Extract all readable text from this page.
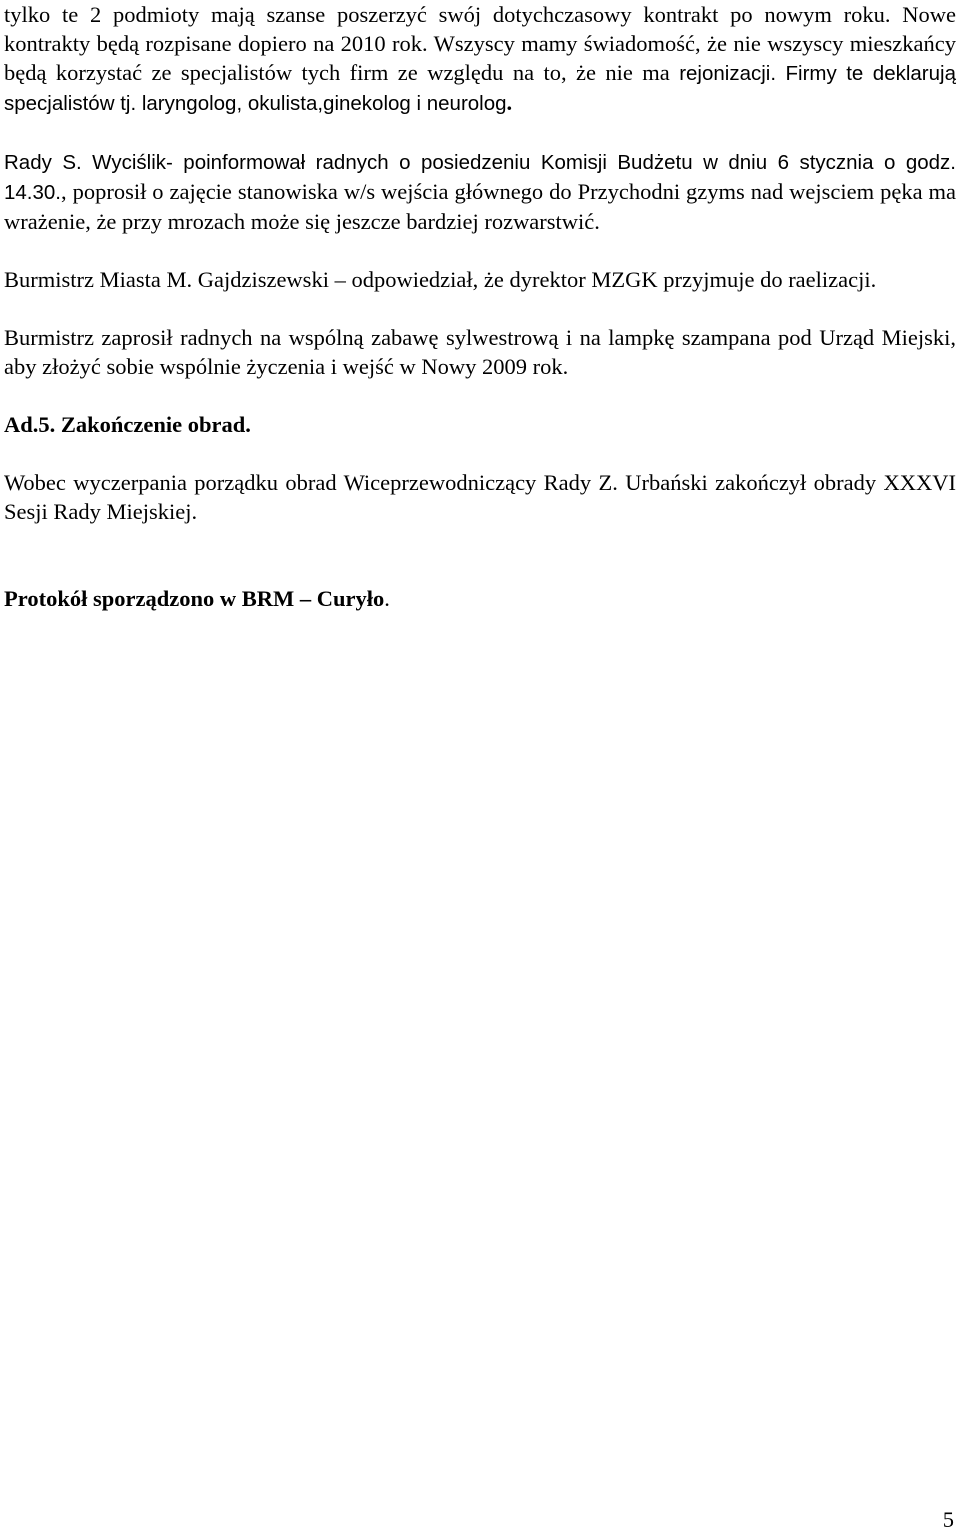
tylko te 2 podmioty mają szanse poszerzyć swój dotychczasowy kontrakt po nowym roku. Nowe kontrakty będą rozpisane dopiero na 2010 rok. Wszyscy mamy świadomość, że nie wszyscy mieszkańcy będą korzystać ze specjalistów tych firm ze względu na to, że nie ma rejonizacji. Firmy te deklarują specjalistów tj. laryngolog, okulista,ginekolog i neurolog.

Rady S. Wyciślik- poinformował radnych o posiedzeniu Komisji Budżetu w dniu 6 stycznia o godz. 14.30., poprosił o zajęcie stanowiska w/s wejścia głównego do Przychodni gzyms nad wejsciem pęka ma wrażenie, że przy mrozach może się jeszcze bardziej rozwarstwić.

Burmistrz Miasta M. Gajdziszewski – odpowiedział, że dyrektor MZGK przyjmuje do raelizacji.

Burmistrz zaprosił radnych na wspólną zabawę sylwestrową i na lampkę szampana pod Urząd Miejski, aby złożyć sobie wspólnie życzenia i wejść w Nowy 2009 rok.

Ad.5. Zakończenie obrad.

Wobec wyczerpania porządku obrad Wiceprzewodniczący Rady Z. Urbański zakończył obrady XXXVI Sesji Rady Miejskiej.

Protokół sporządzono w BRM – Curyło.

5
